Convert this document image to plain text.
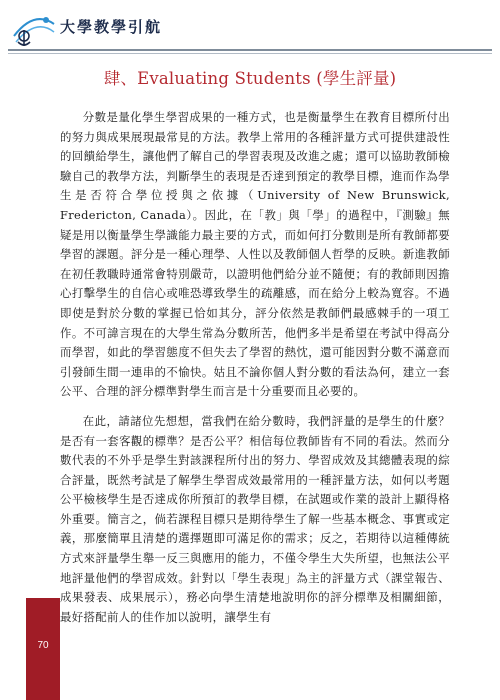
大學教學引航
肆、Evaluating Students (學生評量)

分數是量化學生學習成果的一種方式，也是衡量學生在教育目標所付出的努力與成果展現最常見的方法。教學上常用的各種評量方式可提供建設性的回饋給學生，讓他們了解自己的學習表現及改進之處；還可以協助教師檢驗自己的教學方法，判斷學生的表現是否達到預定的教學目標，進而作為學生是否符合學位授與之依據（University of New Brunswick, Fredericton, Canada）。因此，在「教」與「學」的過程中，『測驗』無疑是用以衡量學生學識能力最主要的方式，而如何打分數則是所有教師都要學習的課題。評分是一種心理學、人性以及教師個人哲學的反映。新進教師在初任教職時通常會特別嚴苛，以證明他們給分並不隨便；有的教師則因擔心打擊學生的自信心或唯恐導致學生的疏離感，而在給分上較為寬容。不過即使是對於分數的掌握已恰如其分，評分依然是教師們最感棘手的一項工作。不可諱言現在的大學生常為分數所苦，他們多半是希望在考試中得高分而學習，如此的學習態度不但失去了學習的熱忱，還可能因對分數不滿意而引發師生間一連串的不愉快。姑且不論你個人對分數的看法為何，建立一套公平、合理的評分標準對學生而言是十分重要而且必要的。

在此，請諸位先想想，當我們在給分數時，我們評量的是學生的什麼？是否有一套客觀的標準？是否公平？相信每位教師皆有不同的看法。然而分數代表的不外乎是學生對該課程所付出的努力、學習成效及其總體表現的綜合評量，既然考試是了解學生學習成效最常用的一種評量方法，如何以考題公平檢核學生是否達成你所預訂的教學目標，在試題或作業的設計上顯得格外重要。簡言之，倘若課程目標只是期待學生了解一些基本概念、事實或定義，那麼簡單且清楚的選擇題即可滿足你的需求；反之，若期待以這種傳統方式來評量學生舉一反三與應用的能力，不僅令學生大失所望，也無法公平地評量他們的學習成效。針對以「學生表現」為主的評量方式（課堂報告、成果發表、成果展示），務必向學生清楚地說明你的評分標準及相關細節，最好搭配前人的佳作加以說明，讓學生有

70
